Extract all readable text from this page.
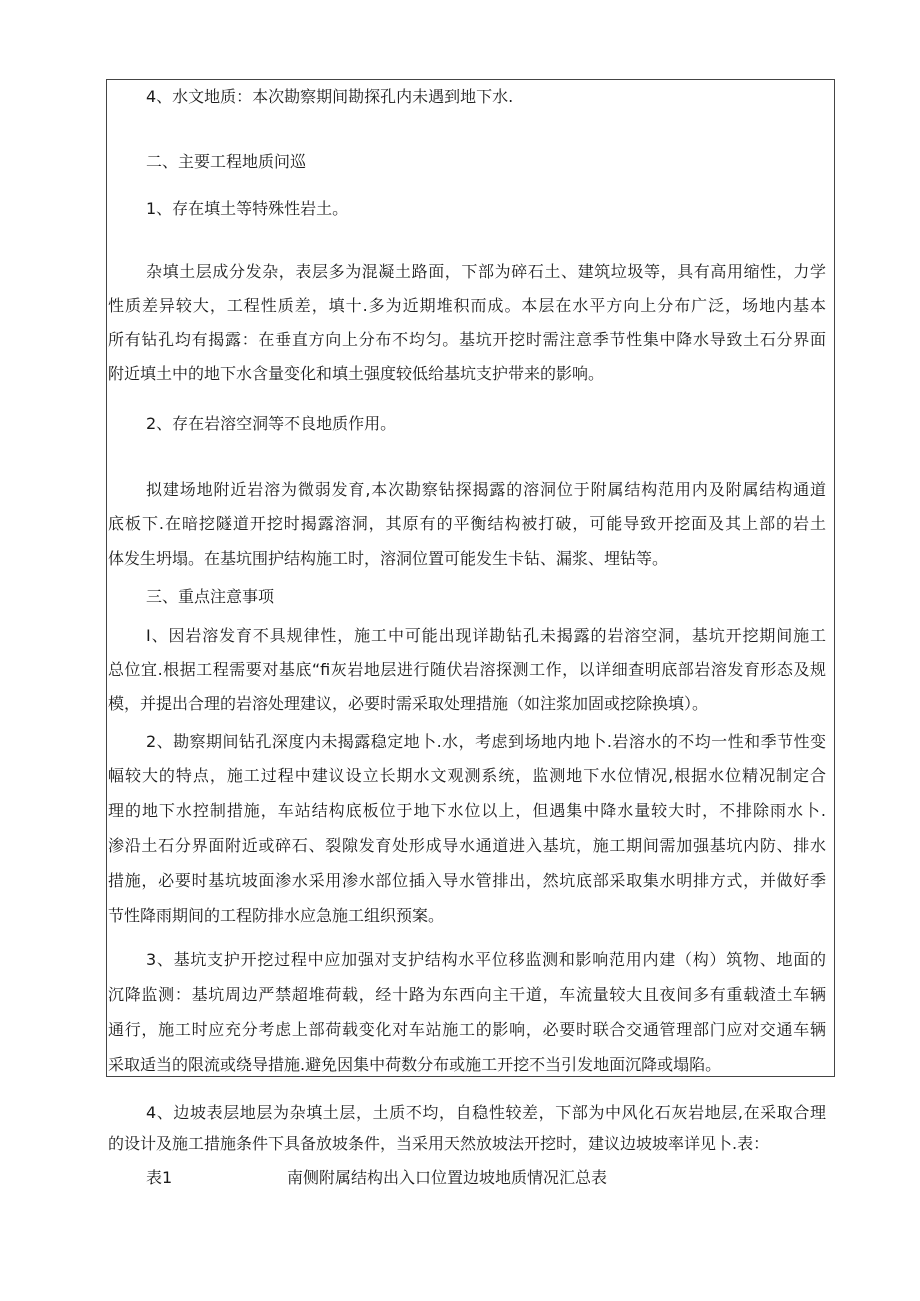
4、水文地质：本次勘察期间勘探孔内未遇到地下水.
二、主要工程地质问巡
1、存在填土等特殊性岩土。
杂填土层成分发杂，表层多为混凝土路面，下部为碎石土、建筑垃圾等，具有高用缩性，力学
性质差异较大，工程性质差，填十.多为近期堆积而成。本层在水平方向上分布广泛，场地内基本
所有钻孔均有揭露：在垂直方向上分布不均匀。基坑开挖时需注意季节性集中降水导致土石分界面
附近填土中的地下水含量变化和填土强度较低给基坑支护带来的影响。
2、存在岩溶空洞等不良地质作用。
拟建场地附近岩溶为微弱发育,本次勘察钻探揭露的溶洞位于附属结构范用内及附属结构通道
底板下.在暗挖隧道开挖时揭露溶洞，其原有的平衡结构被打破，可能导致开挖面及其上部的岩土
体发生坍塌。在基坑围护结构施工时，溶洞位置可能发生卡钻、漏浆、埋钻等。
三、重点注意事项
I、因岩溶发育不具规律性，施工中可能出现详勘钻孔未揭露的岩溶空洞，基坑开挖期间施工
总位宜.根据工程需要对基底“fi灰岩地层进行随伏岩溶探测工作，以详细查明底部岩溶发育形态及规
模，并提出合理的岩溶处理建议，必要时需采取处理措施（如注浆加固或挖除换填）。
2、勘察期间钻孔深度内未揭露稳定地卜.水，考虑到场地内地卜.岩溶水的不均一性和季节性变
幅较大的特点，施工过程中建议设立长期水文观测系统，监测地下水位情况,根据水位精况制定合
理的地下水控制措施，车站结构底板位于地下水位以上，但遇集中降水量较大时，不排除雨水卜.
渗沿土石分界面附近或碎石、裂隙发育处形成导水通道进入基坑，施工期间需加强基坑内防、排水
措施，必要时基坑坡面渗水采用渗水部位插入导水管排出，然坑底部采取集水明排方式，并做好季
节性降雨期间的工程防排水应急施工组织预案。
3、基坑支护开挖过程中应加强对支护结构水平位移监测和影响范用内建（构）筑物、地面的
沉降监测：基坑周边严禁超堆荷载，经十路为东西向主干道，车流量较大且夜间多有重载渣土车辆
通行，施工时应充分考虑上部荷载变化对车站施工的影响，必要时联合交通管理部门应对交通车辆
采取适当的限流或绕导措施.避免因集中荷数分布或施工开挖不当引发地面沉降或塌陷。
4、边坡表层地层为杂填土层，土质不均，自稳性较差，下部为中风化石灰岩地层,在采取合理
的设计及施工措施条件下具备放坡条件，当采用天然放坡法开挖时，建议边坡坡率详见卜.表：
表1	南侧附属结构出入口位置边坡地质情况汇总表
